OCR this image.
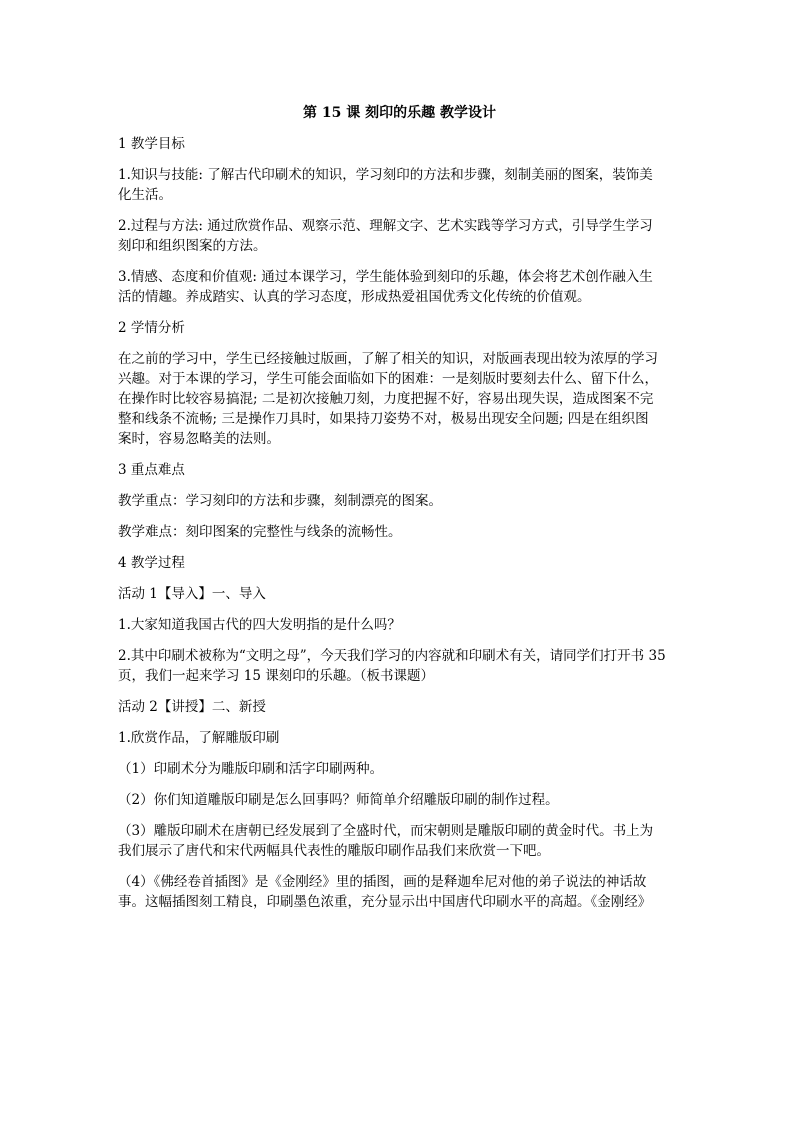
第 15 课 刻印的乐趣 教学设计
1 教学目标
1.知识与技能: 了解古代印刷术的知识，学习刻印的方法和步骤，刻制美丽的图案，装饰美
化生活。
2.过程与方法: 通过欣赏作品、观察示范、理解文字、艺术实践等学习方式，引导学生学习
刻印和组织图案的方法。
3.情感、态度和价值观: 通过本课学习，学生能体验到刻印的乐趣，体会将艺术创作融入生
活的情趣。养成踏实、认真的学习态度，形成热爱祖国优秀文化传统的价值观。
2 学情分析
在之前的学习中，学生已经接触过版画，了解了相关的知识，对版画表现出较为浓厚的学习
兴趣。对于本课的学习，学生可能会面临如下的困难：一是刻版时要刻去什么、留下什么，
在操作时比较容易搞混; 二是初次接触刀刻，力度把握不好，容易出现失误，造成图案不完
整和线条不流畅; 三是操作刀具时，如果持刀姿势不对，极易出现安全问题; 四是在组织图
案时，容易忽略美的法则。
3 重点难点
教学重点：学习刻印的方法和步骤，刻制漂亮的图案。
教学难点：刻印图案的完整性与线条的流畅性。
4 教学过程
活动 1【导入】一、导入
1.大家知道我国古代的四大发明指的是什么吗？
2.其中印刷术被称为“文明之母”，今天我们学习的内容就和印刷术有关，请同学们打开书 35
页，我们一起来学习 15 课刻印的乐趣。（板书课题）
活动 2【讲授】二、新授
1.欣赏作品，了解雕版印刷
（1）印刷术分为雕版印刷和活字印刷两种。
（2）你们知道雕版印刷是怎么回事吗？师简单介绍雕版印刷的制作过程。
（3）雕版印刷术在唐朝已经发展到了全盛时代，而宋朝则是雕版印刷的黄金时代。书上为
我们展示了唐代和宋代两幅具代表性的雕版印刷作品我们来欣赏一下吧。
（4）《佛经卷首插图》是《金刚经》里的插图，画的是释迦牟尼对他的弟子说法的神话故
事。这幅插图刻工精良，印刷墨色浓重，充分显示出中国唐代印刷水平的高超。《金刚经》
